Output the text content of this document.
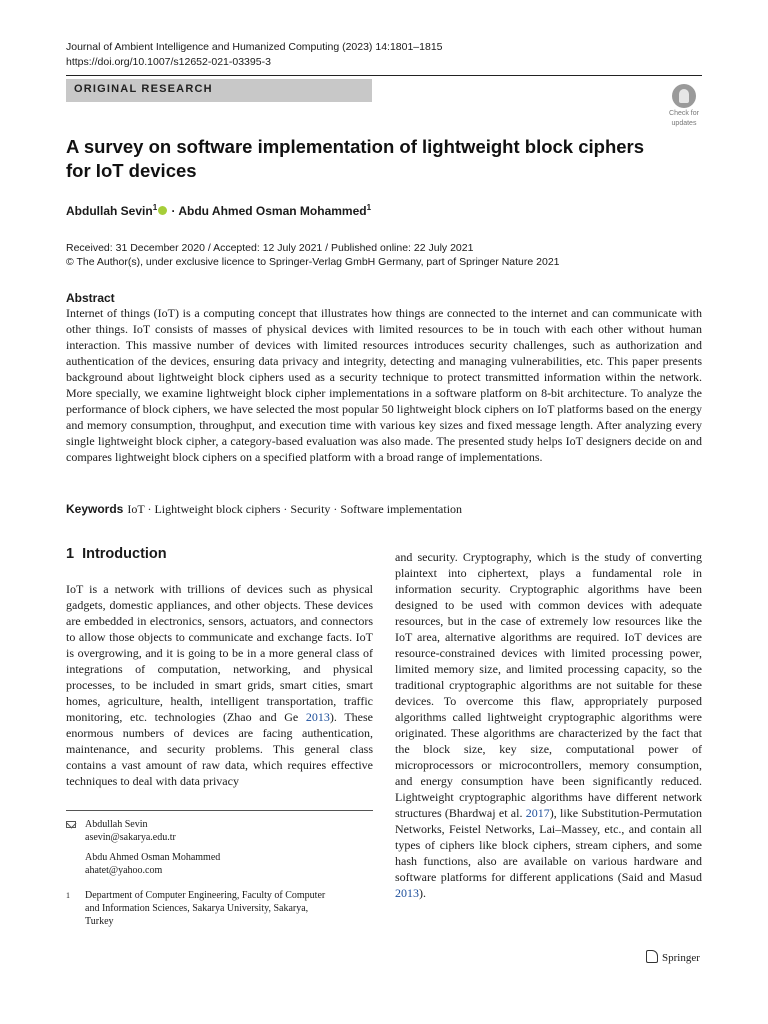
Journal of Ambient Intelligence and Humanized Computing (2023) 14:1801–1815
https://doi.org/10.1007/s12652-021-03395-3
ORIGINAL RESEARCH
Check for
updates
A survey on software implementation of lightweight block ciphers
for IoT devices
Abdullah Sevin$^1$ · Abdu Ahmed Osman Mohammed$^1$
Received: 31 December 2020 / Accepted: 12 July 2021 / Published online: 22 July 2021
© The Author(s), under exclusive licence to Springer-Verlag GmbH Germany, part of Springer Nature 2021
Abstract
Internet of things (IoT) is a computing concept that illustrates how things are connected to the internet and can communicate with other things. IoT consists of masses of physical devices with limited resources to be in touch with each other without human interaction. This massive number of devices with limited resources introduces security challenges, such as authorization and authentication of the devices, ensuring data privacy and integrity, detecting and managing vulnerabilities, etc. This paper presents background about lightweight block ciphers used as a security technique to protect transmitted information within the network. More specially, we examine lightweight block cipher implementations in a software platform on 8-bit architecture. To analyze the performance of block ciphers, we have selected the most popular 50 lightweight block ciphers on IoT platforms based on the energy and memory consumption, throughput, and execution time with various key sizes and fixed message length. After analyzing every single lightweight block cipher, a category-based evaluation was also made. The presented study helps IoT designers decide on and compares lightweight block ciphers on a specified platform with a broad range of implementations.
Keywords IoT · Lightweight block ciphers · Security · Software implementation
1 Introduction
IoT is a network with trillions of devices such as physical gadgets, domestic appliances, and other objects. These devices are embedded in electronics, sensors, actuators, and connectors to allow those objects to communicate and exchange facts. IoT is overgrowing, and it is going to be in a more general class of integrations of computation, networking, and physical processes, to be included in smart grids, smart cities, smart homes, agriculture, health, intelligent transportation, traffic monitoring, etc. technologies (Zhao and Ge 2013). These enormous numbers of devices are facing authentication, maintenance, and security problems. This general class contains a vast amount of raw data, which requires effective techniques to deal with data privacy
and security. Cryptography, which is the study of converting plaintext into ciphertext, plays a fundamental role in information security. Cryptographic algorithms have been designed to be used with common devices with adequate resources, but in the case of extremely low resources like the IoT area, alternative algorithms are required. IoT devices are resource-constrained devices with limited processing power, limited memory size, and limited processing capacity, so the traditional cryptographic algorithms are not suitable for these devices. To overcome this flaw, appropriately purposed algorithms called lightweight cryptographic algorithms were originated. These algorithms are characterized by the fact that the block size, key size, computational power of microprocessors or microcontrollers, memory consumption, and energy consumption have been significantly reduced. Lightweight cryptographic algorithms have different network structures (Bhardwaj et al. 2017), like Substitution-Permutation Networks, Feistel Networks, Lai–Massey, etc., and contain all types of ciphers like block ciphers, stream ciphers, and some hash functions, also are available on various hardware and software platforms for different applications (Said and Masud 2013).
Abdullah Sevin
asevin@sakarya.edu.tr
Abdu Ahmed Osman Mohammed
ahatet@yahoo.com
1	Department of Computer Engineering, Faculty of Computer
and Information Sciences, Sakarya University, Sakarya,
Turkey
Springer
